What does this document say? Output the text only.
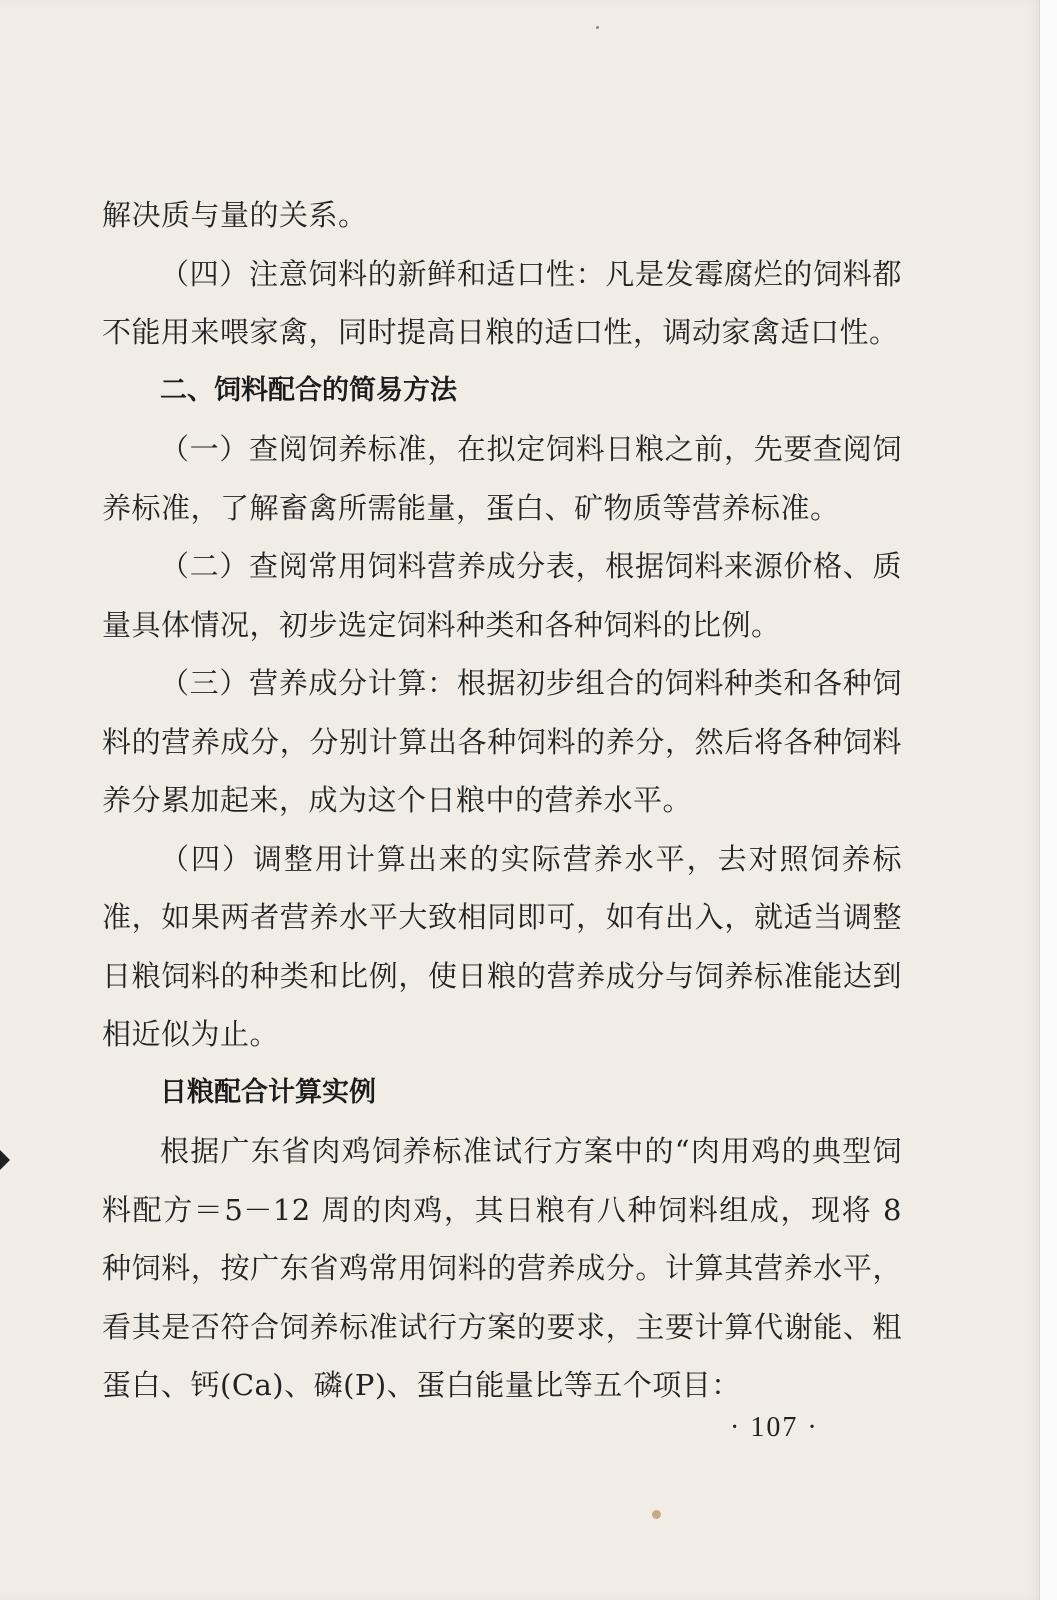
解决质与量的关系。

（四）注意饲料的新鲜和适口性：凡是发霉腐烂的饲料都不能用来喂家禽，同时提高日粮的适口性，调动家禽适口性。

二、饲料配合的简易方法

（一）查阅饲养标准，在拟定饲料日粮之前，先要查阅饲养标准，了解畜禽所需能量，蛋白、矿物质等营养标准。

（二）查阅常用饲料营养成分表，根据饲料来源价格、质量具体情况，初步选定饲料种类和各种饲料的比例。

（三）营养成分计算：根据初步组合的饲料种类和各种饲料的营养成分，分别计算出各种饲料的养分，然后将各种饲料养分累加起来，成为这个日粮中的营养水平。

（四）调整用计算出来的实际营养水平，去对照饲养标准，如果两者营养水平大致相同即可，如有出入，就适当调整日粮饲料的种类和比例，使日粮的营养成分与饲养标准能达到相近似为止。

日粮配合计算实例

根据广东省肉鸡饲养标准试行方案中的“肉用鸡的典型饲料配方＝5－12 周的肉鸡，其日粮有八种饲料组成，现将 8 种饲料，按广东省鸡常用饲料的营养成分。计算其营养水平，看其是否符合饲养标准试行方案的要求，主要计算代谢能、粗蛋白、钙(Ca)、磷(P)、蛋白能量比等五个项目：

· 107 ·
